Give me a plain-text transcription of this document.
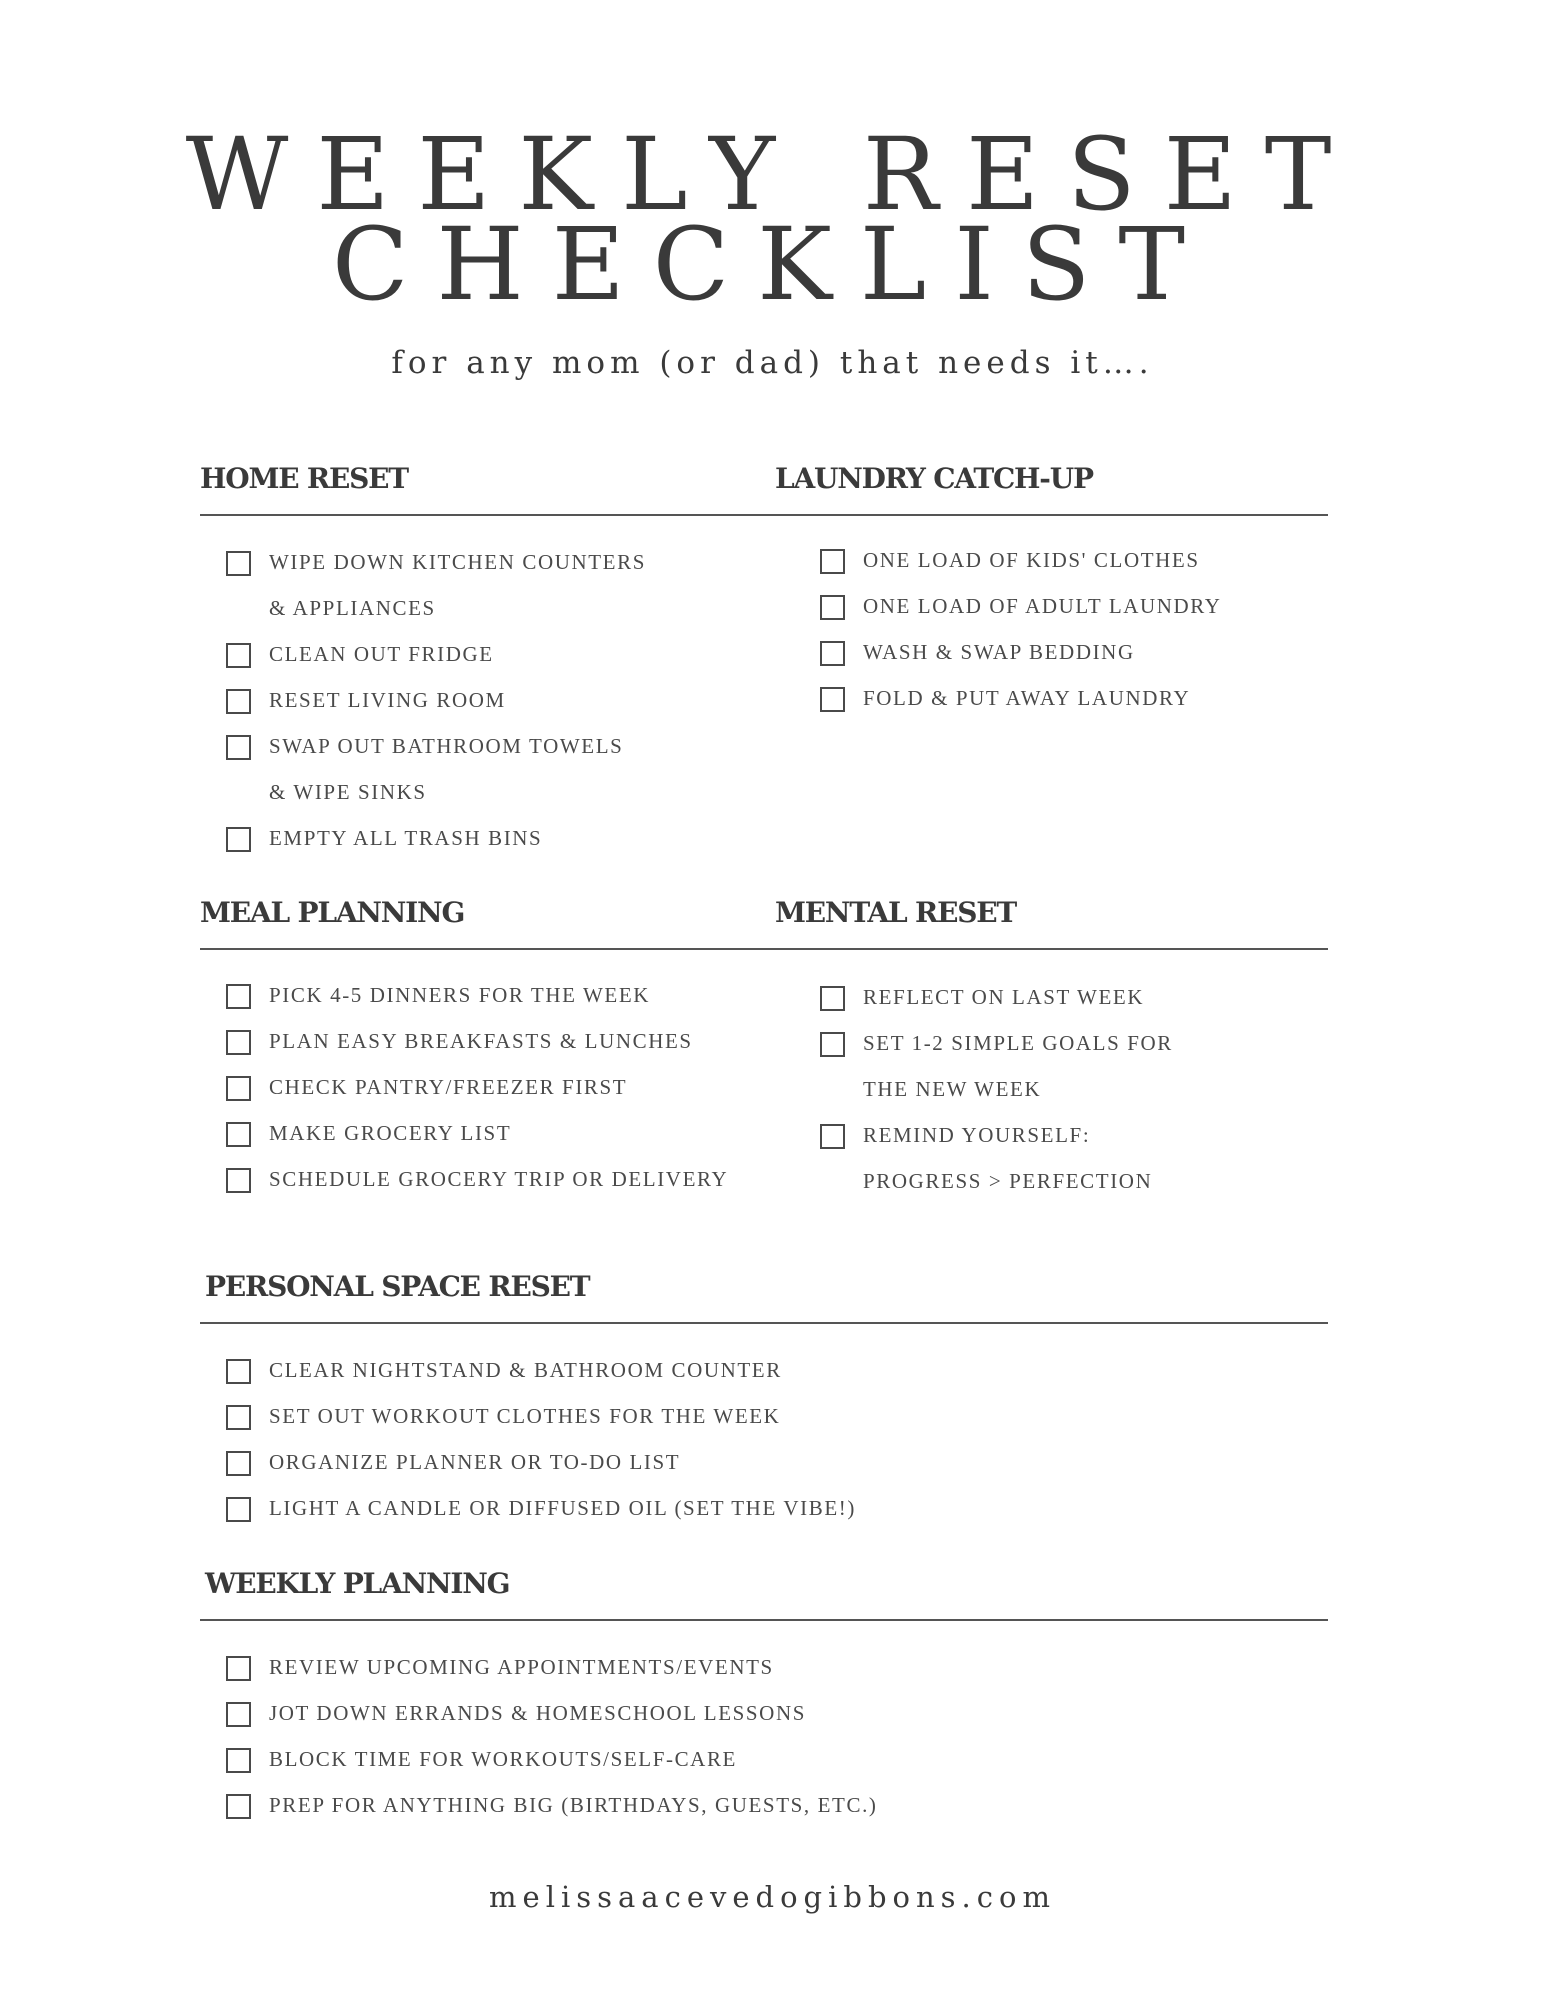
WEEKLY RESET
CHECKLIST
for any mom (or dad) that needs it….
HOME RESET
WIPE DOWN KITCHEN COUNTERS
& APPLIANCES
CLEAN OUT FRIDGE
RESET LIVING ROOM
SWAP OUT BATHROOM TOWELS
& WIPE SINKS
EMPTY ALL TRASH BINS
LAUNDRY CATCH-UP
ONE LOAD OF KIDS' CLOTHES
ONE LOAD OF ADULT LAUNDRY
WASH & SWAP BEDDING
FOLD & PUT AWAY LAUNDRY
MEAL PLANNING
PICK 4-5 DINNERS FOR THE WEEK
PLAN EASY BREAKFASTS & LUNCHES
CHECK PANTRY/FREEZER FIRST
MAKE GROCERY LIST
SCHEDULE GROCERY TRIP OR DELIVERY
MENTAL RESET
REFLECT ON LAST WEEK
SET 1-2 SIMPLE GOALS FOR
THE NEW WEEK
REMIND YOURSELF:
PROGRESS > PERFECTION
PERSONAL SPACE RESET
CLEAR NIGHTSTAND & BATHROOM COUNTER
SET OUT WORKOUT CLOTHES FOR THE WEEK
ORGANIZE PLANNER OR TO-DO LIST
LIGHT A CANDLE OR DIFFUSED OIL (SET THE VIBE!)
WEEKLY PLANNING
REVIEW UPCOMING APPOINTMENTS/EVENTS
JOT DOWN ERRANDS & HOMESCHOOL LESSONS
BLOCK TIME FOR WORKOUTS/SELF-CARE
PREP FOR ANYTHING BIG (BIRTHDAYS, GUESTS, ETC.)
melissaacevedogibbons.com
